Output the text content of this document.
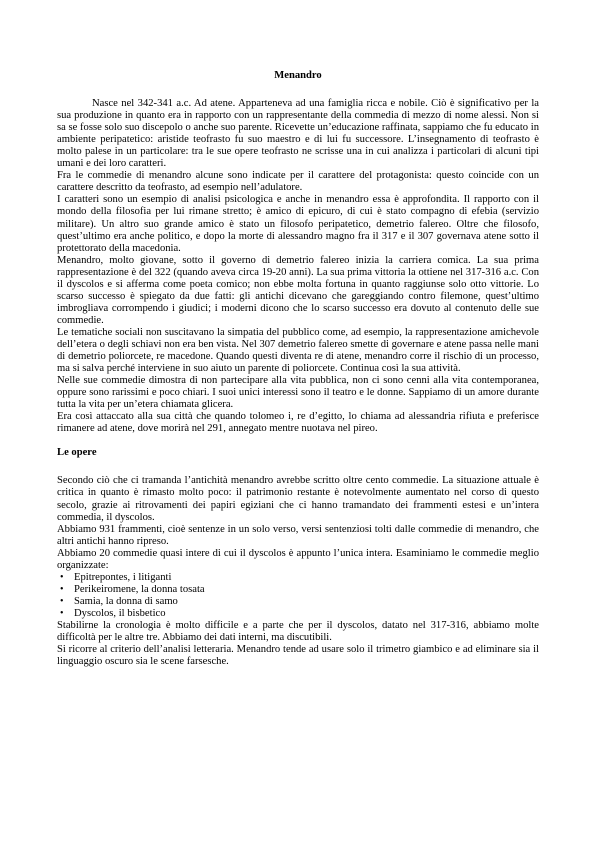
Menandro

Nasce nel 342-341 a.c. Ad atene. Apparteneva ad una famiglia ricca e nobile. Ciò è significativo per la sua produzione in quanto era in rapporto con un rappresentante della commedia di mezzo di nome alessi. Non si sa se fosse solo suo discepolo o anche suo parente. Ricevette un’educazione raffinata, sappiamo che fu educato in ambiente peripatetico: aristide teofrasto fu suo maestro e di lui fu successore. L’insegnamento di teofrasto è molto palese in un particolare: tra le sue opere teofrasto ne scrisse una in cui analizza i particolari di alcuni tipi umani e dei loro caratteri.

Fra le commedie di menandro alcune sono indicate per il carattere del protagonista: questo coincide con un carattere descritto da teofrasto, ad esempio nell’adulatore.

I caratteri sono un esempio di analisi psicologica e anche in menandro essa è approfondita. Il rapporto con il mondo della filosofia per lui rimane stretto; è amico di epicuro, di cui è stato compagno di efebia (servizio militare). Un altro suo grande amico è stato un filosofo peripatetico, demetrio falereo. Oltre che filosofo, quest’ultimo era anche politico, e dopo la morte di alessandro magno fra il 317 e il 307 governava atene sotto il protettorato della macedonia.

Menandro, molto giovane, sotto il governo di demetrio falereo inizia la carriera comica. La sua prima rappresentazione è del 322 (quando aveva circa 19-20 anni). La sua prima vittoria la ottiene nel 317-316 a.c. Con il dyscolos e si afferma come poeta comico; non ebbe molta fortuna in quanto raggiunse solo otto vittorie. Lo scarso successo è spiegato da due fatti: gli antichi dicevano che gareggiando contro filemone, quest’ultimo imbrogliava corrompendo i giudici; i moderni dicono che lo scarso successo era dovuto al contenuto delle sue commedie.

Le tematiche sociali non suscitavano la simpatia del pubblico come, ad esempio, la rappresentazione amichevole dell’etera o degli schiavi non era ben vista. Nel 307 demetrio falereo smette di governare e atene passa nelle mani di demetrio poliorcete, re macedone. Quando questi diventa re di atene, menandro corre il rischio di un processo, ma si salva perché interviene in suo aiuto un parente di poliorcete. Continua così la sua attività.

Nelle sue commedie dimostra di non partecipare alla vita pubblica, non ci sono cenni alla vita contemporanea, oppure sono rarissimi e poco chiari. I suoi unici interessi sono il teatro e le donne. Sappiamo di un amore durante tutta la vita per un’etera chiamata glicera.

Era così attaccato alla sua città che quando tolomeo i, re d’egitto, lo chiama ad alessandria rifiuta e preferisce rimanere ad atene, dove morirà nel 291, annegato mentre nuotava nel pireo.

Le opere

Secondo ciò che ci tramanda l’antichità menandro avrebbe scritto oltre cento commedie. La situazione attuale è critica in quanto è rimasto molto poco: il patrimonio restante è notevolmente aumentato nel corso di questo secolo, grazie ai ritrovamenti dei papiri egiziani che ci hanno tramandato dei frammenti estesi e un’intera commedia, il dyscolos.

Abbiamo 931 frammenti, cioè sentenze in un solo verso, versi sentenziosi tolti dalle commedie di menandro, che altri antichi hanno ripreso.

Abbiamo 20 commedie quasi intere di cui il dyscolos è appunto l’unica intera. Esaminiamo le commedie meglio organizzate:

• Epitrepontes, i litiganti
• Perikeiromene, la donna tosata
• Samia, la donna di samo
• Dyscolos, il bisbetico

Stabilirne la cronologia è molto difficile e a parte che per il dyscolos, datato nel 317-316, abbiamo molte difficoltà per le altre tre. Abbiamo dei dati interni, ma discutibili.

Si ricorre al criterio dell’analisi letteraria. Menandro tende ad usare solo il trimetro giambico e ad eliminare sia il linguaggio oscuro sia le scene farsesche.
